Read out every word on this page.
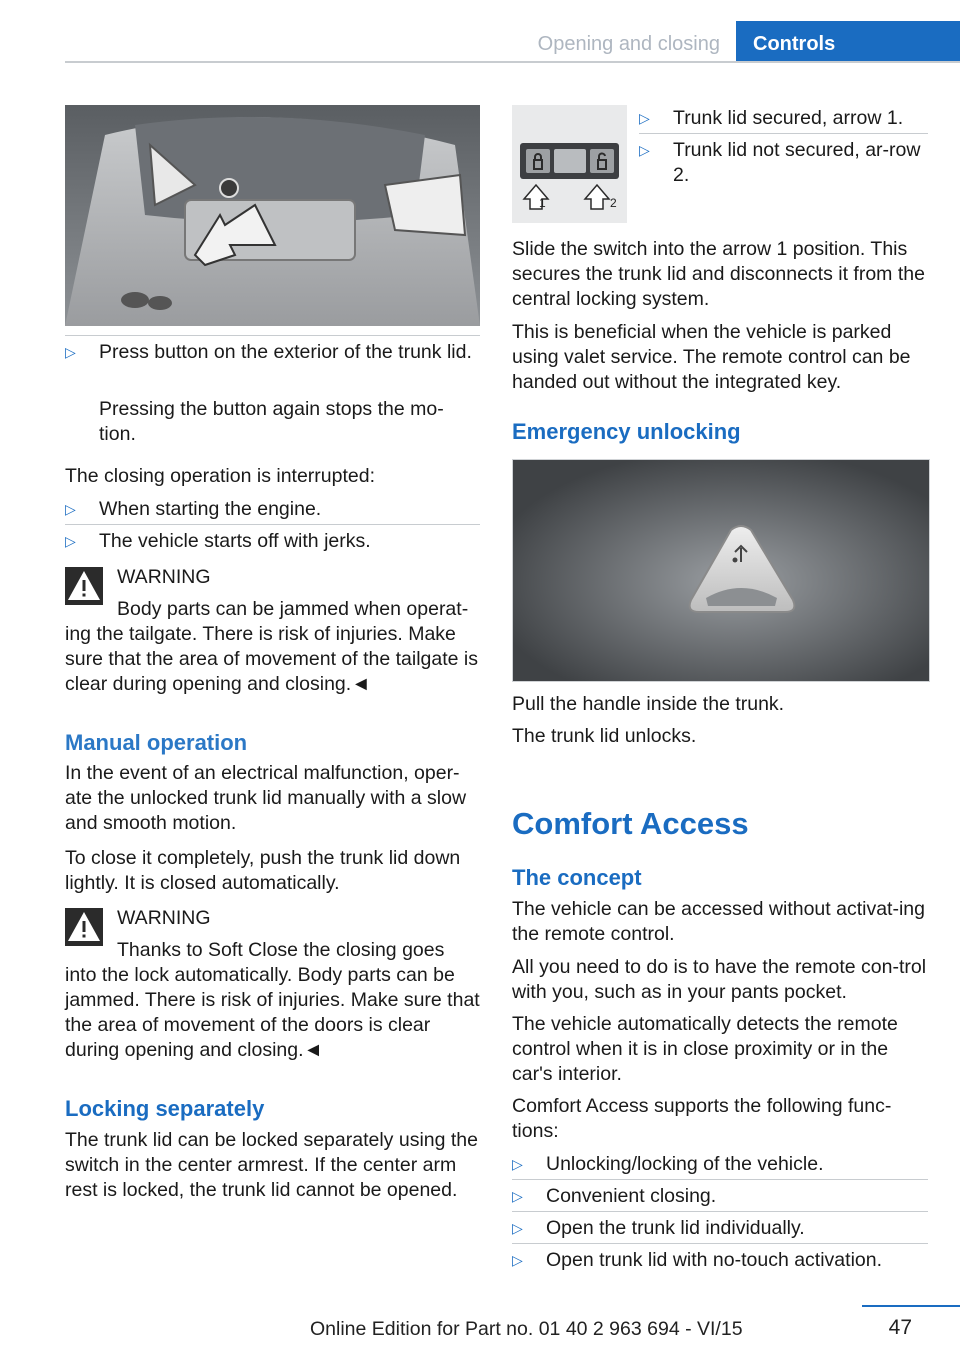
Opening and closing Controls
▷ Press button on the exterior of the trunk lid.
Pressing the button again stops the mo-tion.

The closing operation is interrupted:

▷ When starting the engine.
▷ The vehicle starts off with jerks.

WARNING

Body parts can be jammed when operat-

ing the tailgate. There is risk of injuries. Make sure that the area of movement of the tailgate is clear during opening and closing.◄

Manual operation

In the event of an electrical malfunction, oper-ate the unlocked trunk lid manually with a slow and smooth motion.

To close it completely, push the trunk lid down lightly. It is closed automatically.

WARNING

Thanks to Soft Close the closing goes

into the lock automatically. Body parts can be jammed. There is risk of injuries. Make sure that the area of movement of the doors is clear during opening and closing.◄

Locking separately

The trunk lid can be locked separately using the switch in the center armrest. If the center arm rest is locked, the trunk lid cannot be opened.

1	2
▷ Trunk lid secured, arrow 1.
▷ Trunk lid not secured, ar-row 2.

Slide the switch into the arrow 1 position. This secures the trunk lid and disconnects it from the central locking system.

This is beneficial when the vehicle is parked using valet service. The remote control can be handed out without the integrated key.

Emergency unlocking

Pull the handle inside the trunk.

The trunk lid unlocks.

Comfort Access
The concept

The vehicle can be accessed without activat-ing the remote control.

All you need to do is to have the remote con-trol with you, such as in your pants pocket.

The vehicle automatically detects the remote control when it is in close proximity or in the car's interior.

Comfort Access supports the following func-tions:

▷ Unlocking/locking of the vehicle.
▷ Convenient closing.
▷ Open the trunk lid individually.
▷ Open trunk lid with no-touch activation.
47
Online Edition for Part no. 01 40 2 963 694 - VI/15
